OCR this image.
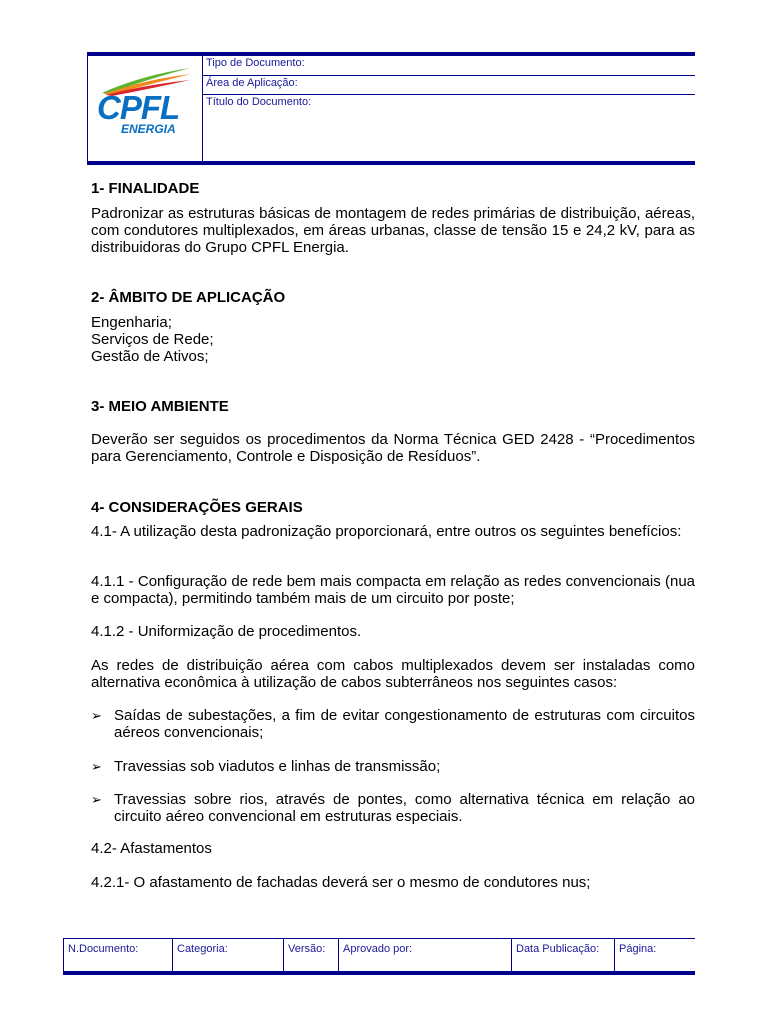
CPFL
ENERGIA
Tipo de Documento:
Área de Aplicação:
Título do Documento:
1- FINALIDADE

Padronizar as estruturas básicas de montagem de redes primárias de distribuição, aéreas, com condutores multiplexados, em áreas urbanas, classe de tensão 15 e 24,2 kV, para as distribuidoras do Grupo CPFL Energia.

2- ÂMBITO DE APLICAÇÃO

Engenharia;

Serviços de Rede;

Gestão de Ativos;

3- MEIO AMBIENTE

Deverão ser seguidos os procedimentos da Norma Técnica GED 2428 - “Procedimentos para Gerenciamento, Controle e Disposição de Resíduos”.

4- CONSIDERAÇÕES GERAIS

4.1- A utilização desta padronização proporcionará, entre outros os seguintes benefícios:

4.1.1 - Configuração de rede bem mais compacta em relação as redes convencionais (nua e compacta), permitindo também mais de um circuito por poste;

4.1.2 - Uniformização de procedimentos.

As redes de distribuição aérea com cabos multiplexados devem ser instaladas como alternativa econômica à utilização de cabos subterrâneos nos seguintes casos:

➢ Saídas de subestações, a fim de evitar congestionamento de estruturas com circuitos aéreos convencionais;

➢ Travessias sob viadutos e linhas de transmissão;

➢ Travessias sobre rios, através de pontes, como alternativa técnica em relação ao circuito aéreo convencional em estruturas especiais.

4.2- Afastamentos

4.2.1- O afastamento de fachadas deverá ser o mesmo de condutores nus;

N.Documento:	Categoria:	Versão:	Aprovado por:	Data Publicação:	Página:
